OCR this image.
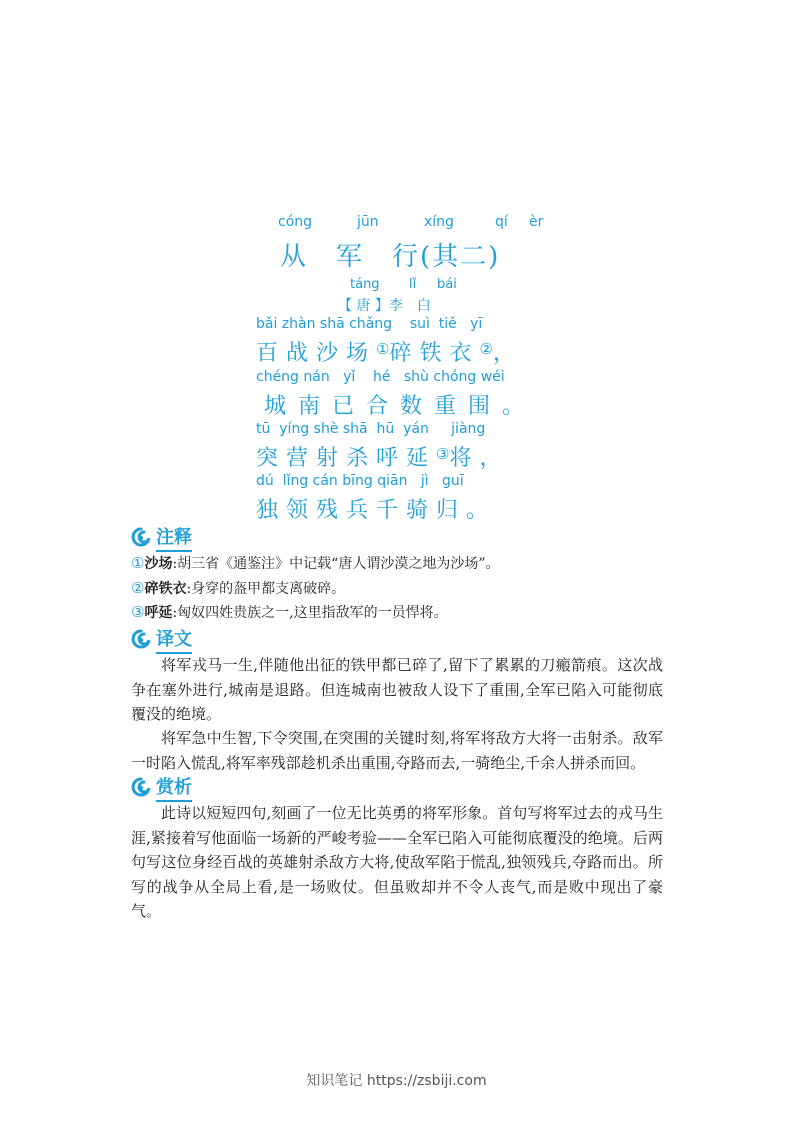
cóng	jūn	xíng	qí èr
从　军　行(其二)
táng lǐ bái
【 唐 】李　白
bǎi zhàn shā chǎng    suì  tiě   yī
百战沙场①碎铁衣②，
chéng nán   yǐ    hé   shù chóng wéi
城南已合数重围。
tū  yíng shè shā  hū  yán     jiàng
突营射杀呼延③将，
dú  lǐng cán bīng qiān   jì   guī
独领残兵千骑归。
注释
①沙场:胡三省《通鉴注》中记载“唐人谓沙漠之地为沙场”。
②碎铁衣:身穿的盔甲都支离破碎。
③呼延:匈奴四姓贵族之一,这里指敌军的一员悍将。
译文

将军戎马一生,伴随他出征的铁甲都已碎了,留下了累累的刀瘢箭痕。这次战争在塞外进行,城南是退路。但连城南也被敌人设下了重围,全军已陷入可能彻底覆没的绝境。

将军急中生智,下令突围,在突围的关键时刻,将军将敌方大将一击射杀。敌军一时陷入慌乱,将军率残部趁机杀出重围,夺路而去,一骑绝尘,千余人拼杀而回。

赏析

此诗以短短四句,刻画了一位无比英勇的将军形象。首句写将军过去的戎马生涯,紧接着写他面临一场新的严峻考验——全军已陷入可能彻底覆没的绝境。后两句写这位身经百战的英雄射杀敌方大将,使敌军陷于慌乱,独领残兵,夺路而出。所写的战争从全局上看,是一场败仗。但虽败却并不令人丧气,而是败中现出了豪气。

知识笔记 https://zsbiji.com
